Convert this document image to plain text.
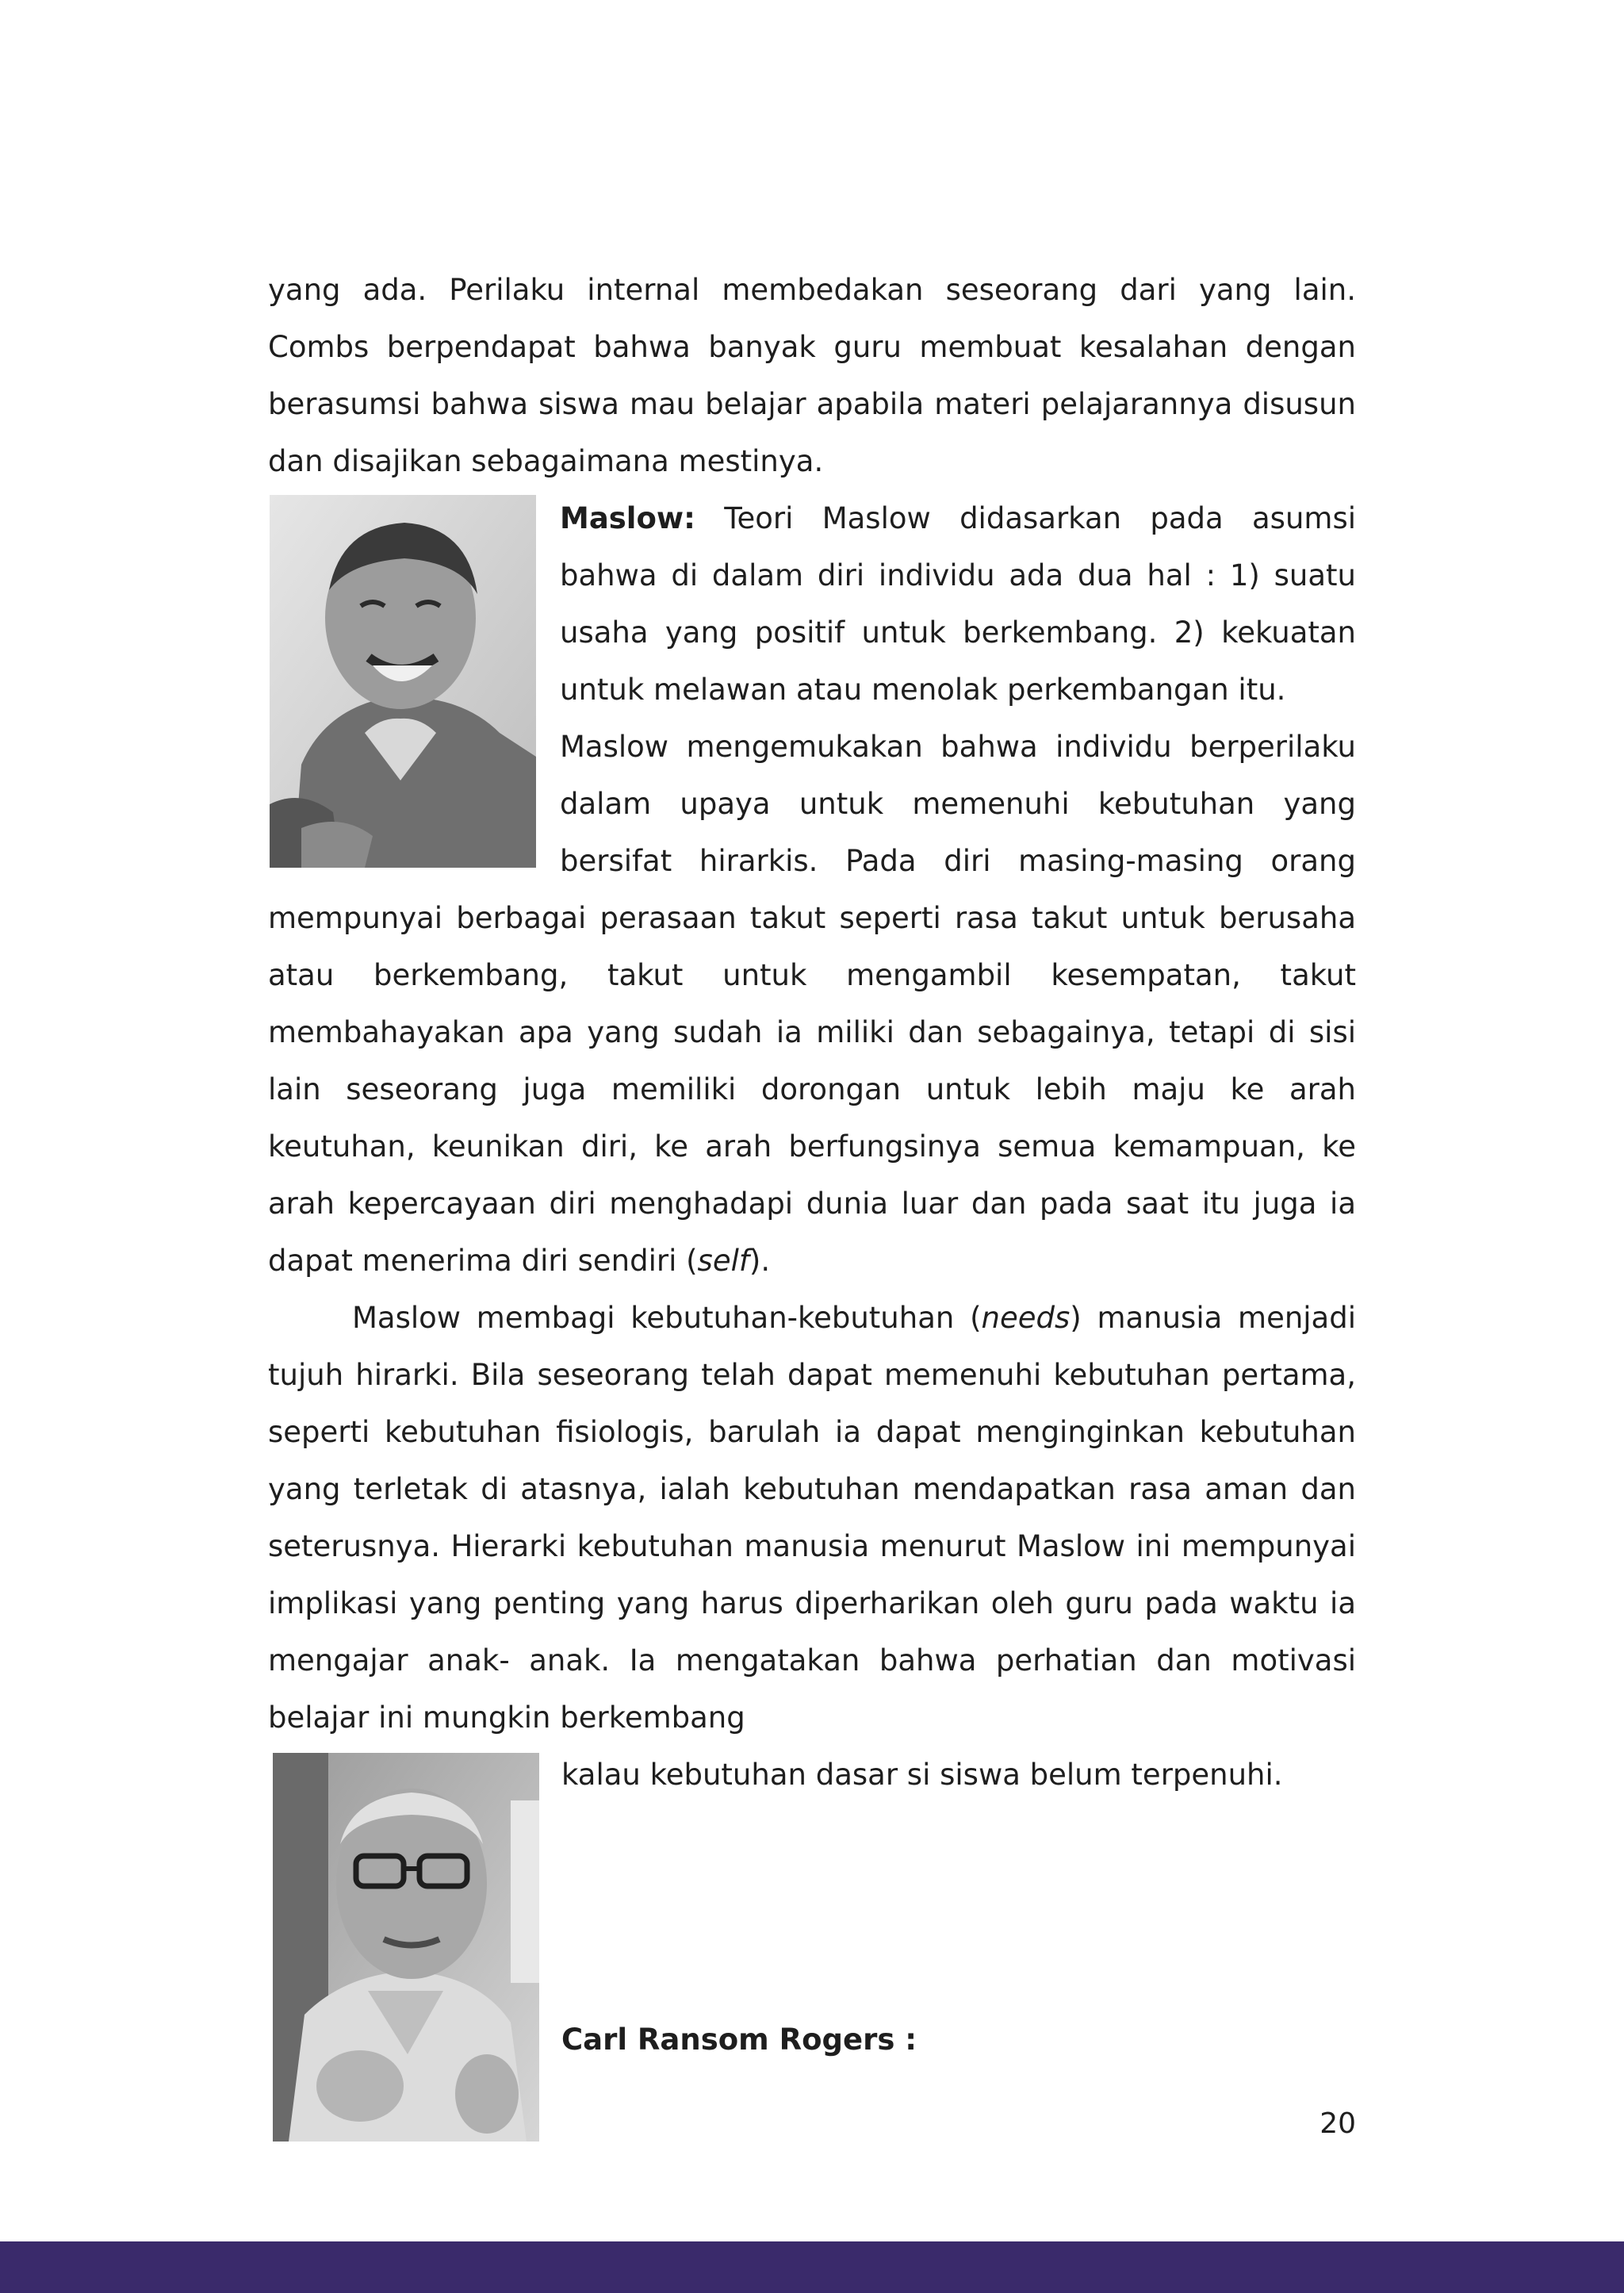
yang ada. Perilaku internal membedakan seseorang dari yang lain. Combs berpendapat bahwa banyak guru membuat kesalahan dengan berasumsi bahwa siswa mau belajar apabila materi pelajarannya disusun dan disajikan sebagaimana mestinya.

Maslow: Teori Maslow didasarkan pada asumsi bahwa di dalam diri individu ada dua hal : 1) suatu usaha yang positif untuk berkembang. 2) kekuatan untuk melawan atau menolak perkembangan itu.

Maslow mengemukakan bahwa individu berperilaku dalam upaya untuk memenuhi kebutuhan yang bersifat hirarkis. Pada diri masing-masing orang mempunyai berbagai perasaan takut seperti rasa takut untuk berusaha atau berkembang, takut untuk mengambil kesempatan, takut membahayakan apa yang sudah ia miliki dan sebagainya, tetapi di sisi lain seseorang juga memiliki dorongan untuk lebih maju ke arah keutuhan, keunikan diri, ke arah berfungsinya semua kemampuan, ke arah kepercayaan diri menghadapi dunia luar dan pada saat itu juga ia dapat menerima diri sendiri (self).

Maslow membagi kebutuhan-kebutuhan (needs) manusia menjadi tujuh hirarki. Bila seseorang telah dapat memenuhi kebutuhan pertama, seperti kebutuhan fisiologis, barulah ia dapat menginginkan kebutuhan yang terletak di atasnya, ialah kebutuhan mendapatkan rasa aman dan seterusnya. Hierarki kebutuhan manusia menurut Maslow ini mempunyai implikasi yang penting yang harus diperharikan oleh guru pada waktu ia mengajar anak- anak. Ia mengatakan bahwa perhatian dan motivasi belajar ini mungkin berkembang

kalau kebutuhan dasar si siswa belum terpenuhi.

Carl Ransom Rogers :

20
